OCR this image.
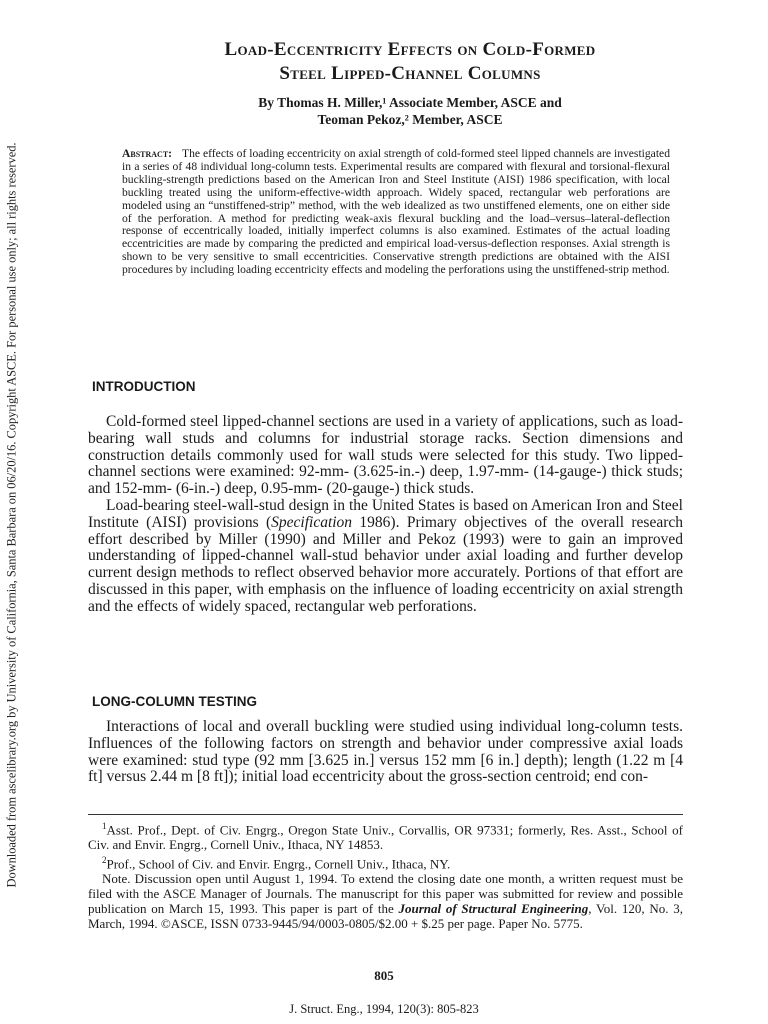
Downloaded from ascelibrary.org by University of California, Santa Barbara on 06/20/16. Copyright ASCE. For personal use only; all rights reserved.
Load-Eccentricity Effects on Cold-Formed
Steel Lipped-Channel Columns
By Thomas H. Miller,¹ Associate Member, ASCE and
Teoman Pekoz,² Member, ASCE
Abstract: The effects of loading eccentricity on axial strength of cold-formed steel lipped channels are investigated in a series of 48 individual long-column tests. Experimental results are compared with flexural and torsional-flexural buckling-strength predictions based on the American Iron and Steel Institute (AISI) 1986 specification, with local buckling treated using the uniform-effective-width approach. Widely spaced, rectangular web perforations are modeled using an “unstiffened-strip” method, with the web idealized as two unstiffened elements, one on either side of the perforation. A method for predicting weak-axis flexural buckling and the load–versus–lateral-deflection response of eccentrically loaded, initially imperfect columns is also examined. Estimates of the actual loading eccentricities are made by comparing the predicted and empirical load-versus-deflection responses. Axial strength is shown to be very sensitive to small eccentricities. Conservative strength predictions are obtained with the AISI procedures by including loading eccentricity effects and modeling the perforations using the unstiffened-strip method.
INTRODUCTION

Cold-formed steel lipped-channel sections are used in a variety of applications, such as load-bearing wall studs and columns for industrial storage racks. Section dimensions and construction details commonly used for wall studs were selected for this study. Two lipped-channel sections were examined: 92-mm- (3.625-in.-) deep, 1.97-mm- (14-gauge-) thick studs; and 152-mm- (6-in.-) deep, 0.95-mm- (20-gauge-) thick studs.

Load-bearing steel-wall-stud design in the United States is based on American Iron and Steel Institute (AISI) provisions (Specification 1986). Primary objectives of the overall research effort described by Miller (1990) and Miller and Pekoz (1993) were to gain an improved understanding of lipped-channel wall-stud behavior under axial loading and further develop current design methods to reflect observed behavior more accurately. Portions of that effort are discussed in this paper, with emphasis on the influence of loading eccentricity on axial strength and the effects of widely spaced, rectangular web perforations.

LONG-COLUMN TESTING

Interactions of local and overall buckling were studied using individual long-column tests. Influences of the following factors on strength and behavior under compressive axial loads were examined: stud type (92 mm [3.625 in.] versus 152 mm [6 in.] depth); length (1.22 m [4 ft] versus 2.44 m [8 ft]); initial load eccentricity about the gross-section centroid; end con-

$^1$Asst. Prof., Dept. of Civ. Engrg., Oregon State Univ., Corvallis, OR 97331; formerly, Res. Asst., School of Civ. and Envir. Engrg., Cornell Univ., Ithaca, NY 14853.

$^2$Prof., School of Civ. and Envir. Engrg., Cornell Univ., Ithaca, NY.

Note. Discussion open until August 1, 1994. To extend the closing date one month, a written request must be filed with the ASCE Manager of Journals. The manuscript for this paper was submitted for review and possible publication on March 15, 1993. This paper is part of the Journal of Structural Engineering, Vol. 120, No. 3, March, 1994. ©ASCE, ISSN 0733-9445/94/0003-0805/$2.00 + $.25 per page. Paper No. 5775.

805
J. Struct. Eng., 1994, 120(3): 805-823
